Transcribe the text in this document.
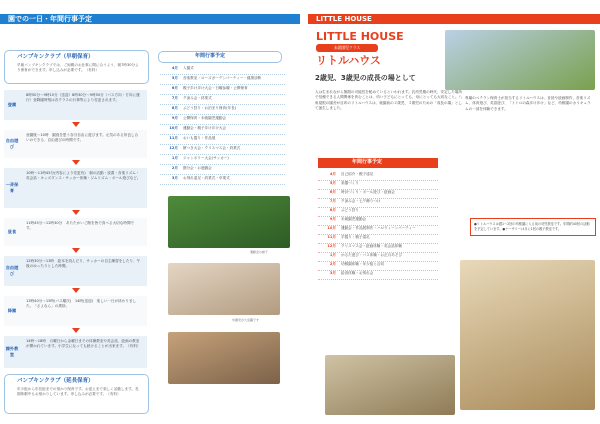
園での一日・年間行事予定	LITTLE HOUSE
バンブキンクラブ（早朝保育）
早朝バンブキンクラブでは、ご両親のお仕事に間に合うよう、朝7時30分より保育ができます。申し込みが必要です。（有料）
登園
8時50分〜9時10分（送迎）8時30分〜9時50分（バス方向・方向に運行）登降園時刻は各クラスの行事等により変更されます。
自由遊び
登園後〜10時　園庭を思う存分自由に遊びます。元気のある仲良し合いのできる、自由遊びの時間です。
一斉保育
10時〜11時45分(内容により変更有)　朝の活動・読書・音楽リズム・英会話・キッズダンス・サッカー体操・ジムリズム・ボール遊びなど。
昼食
11時45分〜12時30分　あたたかいご飯を皆で食べる大切な時間です。
自由遊び
12時30分〜13時　絵本を読んだり、サッカーの自主練習をしたり、午後のゆったりとした時間。
降園
13時40分〜15時(バス順次)　14時(送迎)　楽しい一日が終わりました。「さよなら」の挨拶。
課外教室
14時〜18時　月曜日から金曜日までの体操教室や英会話、絵画の教室が開かれています。小学生になっても続けることが出来ます。（有料）
バンブキンクラブ（延長保育）
年少組から年長組までの預かり保育です。お迎えまで楽しく活動します。長期休暇中もお預かりしています。申し込みが必要です。（有料）
年間行事予定
4月 入園式
5月 音楽教室・ローズガーデンパーティー・健康診断
6月 親子歩け歩け大会・日曜参観・公開保育
7月 夕涼み会・終業式
8月 ぷどう狩り・お泊まり保育(年長)
9月 公開保育・未就園児運動会
10月 運動会・親子歩け歩け大会
11月 おいも掘り・作品展
12月 餅つき大会・クリスマス会・終業式
1月 ジャンボリー大会(サッカー)
2月 節分会・お遊戯会
3月 お別れ遠足・終業式・卒業式
運動会の様子
卒園児が大活躍です
LITTLE HOUSE
未就園児クラス
リトルハウス
2歳児、3歳児の成長の場として
人は生まれながら無限の可能性を秘めているといわれます。乳幼児期の時代、安定した場所で信頼できる人間関係を育むことは、幼い子どもにとっても、母にとっても大切なこと。八角屋根の園舎が目印のリトルハウスは、就園前の２歳児、３歳児のための「成長の場」として誕生しました。
専属のベテラン保育士が担当するリトルハウスは、音読や絵画制作、音楽リズム、体育遊び、英語遊び、「トトロの森歩け歩け」など、幼稚園のカリキュラムの一部を体験できます。
年間行事予定
4月 自己紹介・親子遠足
5月 楽器づくり
6月 時計づくり・ボール遊び・絵画会
7月 夕涼み会・七夕飾りつけ
8月 ぷどう狩り
9月 未就園児運動会
10月 運動会・作品展制作・ハロウィーンパーティー
11月 芋掘り・親子遠足
12月 クリスマス会・絵画体験・英会話体験
1月 かるた遊び・バス体験・お正月あそび
2月 幼稚園体験・年少組と合同
3月 給食体験・お別れ会
●リトルハウスは週1〜2回の幼稚園に入る前の幼児教室です。年間約40回の活動を予定しています。●ナーサリーは月に1回の親子教室です。
